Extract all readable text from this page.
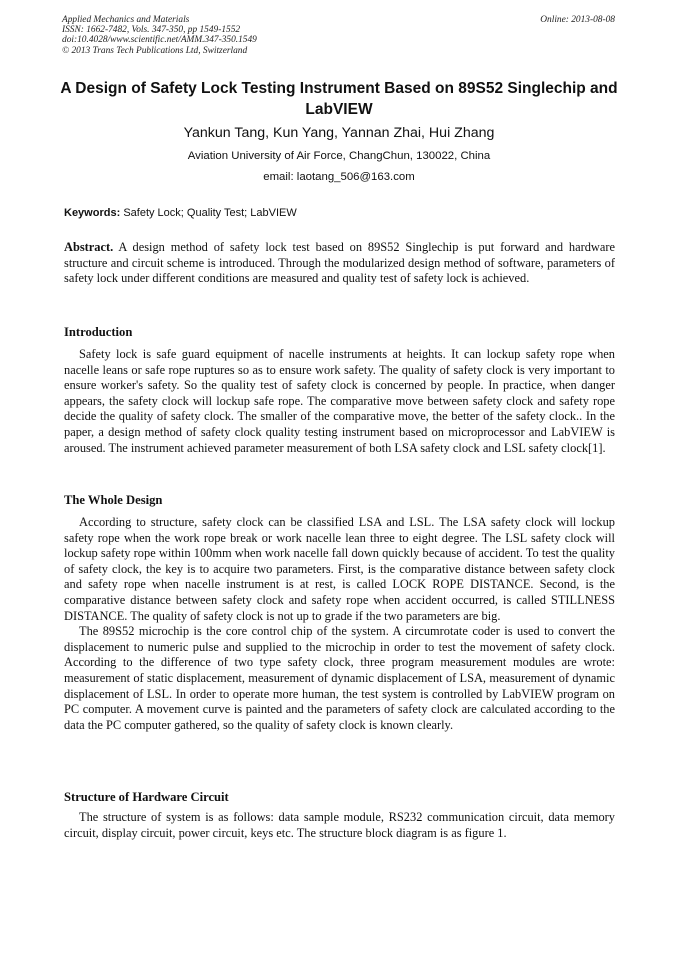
Applied Mechanics and Materials
ISSN: 1662-7482, Vols. 347-350, pp 1549-1552
doi:10.4028/www.scientific.net/AMM.347-350.1549
© 2013 Trans Tech Publications Ltd, Switzerland
Online: 2013-08-08
A Design of Safety Lock Testing Instrument Based on 89S52 Singlechip and LabVIEW
Yankun Tang, Kun Yang, Yannan Zhai, Hui Zhang
Aviation University of Air Force, ChangChun, 130022, China
email: laotang_506@163.com
Keywords: Safety Lock; Quality Test; LabVIEW

Abstract. A design method of safety lock test based on 89S52 Singlechip is put forward and hardware structure and circuit scheme is introduced. Through the modularized design method of software, parameters of safety lock under different conditions are measured and quality test of safety lock is achieved.

Introduction

Safety lock is safe guard equipment of nacelle instruments at heights. It can lockup safety rope when nacelle leans or safe rope ruptures so as to ensure work safety. The quality of safety clock is very important to ensure worker's safety. So the quality test of safety clock is concerned by people. In practice, when danger appears, the safety clock will lockup safe rope. The comparative move between safety clock and safety rope decide the quality of safety clock. The smaller of the comparative move, the better of the safety clock.. In the paper, a design method of safety clock quality testing instrument based on microprocessor and LabVIEW is aroused. The instrument achieved parameter measurement of both LSA safety clock and LSL safety clock[1].

The Whole Design

According to structure, safety clock can be classified LSA and LSL. The LSA safety clock will lockup safety rope when the work rope break or work nacelle lean three to eight degree. The LSL safety clock will lockup safety rope within 100mm when work nacelle fall down quickly because of accident. To test the quality of safety clock, the key is to acquire two parameters. First, is the comparative distance between safety clock and safety rope when nacelle instrument is at rest, is called LOCK ROPE DISTANCE. Second, is the comparative distance between safety clock and safety rope when accident occurred, is called STILLNESS DISTANCE. The quality of safety clock is not up to grade if the two parameters are big.

The 89S52 microchip is the core control chip of the system. A circumrotate coder is used to convert the displacement to numeric pulse and supplied to the microchip in order to test the movement of safety clock. According to the difference of two type safety clock, three program measurement modules are wrote: measurement of static displacement, measurement of dynamic displacement of LSA, measurement of dynamic displacement of LSL. In order to operate more human, the test system is controlled by LabVIEW program on PC computer. A movement curve is painted and the parameters of safety clock are calculated according to the data the PC computer gathered, so the quality of safety clock is known clearly.

Structure of Hardware Circuit

The structure of system is as follows: data sample module, RS232 communication circuit, data memory circuit, display circuit, power circuit, keys etc. The structure block diagram is as figure 1.
